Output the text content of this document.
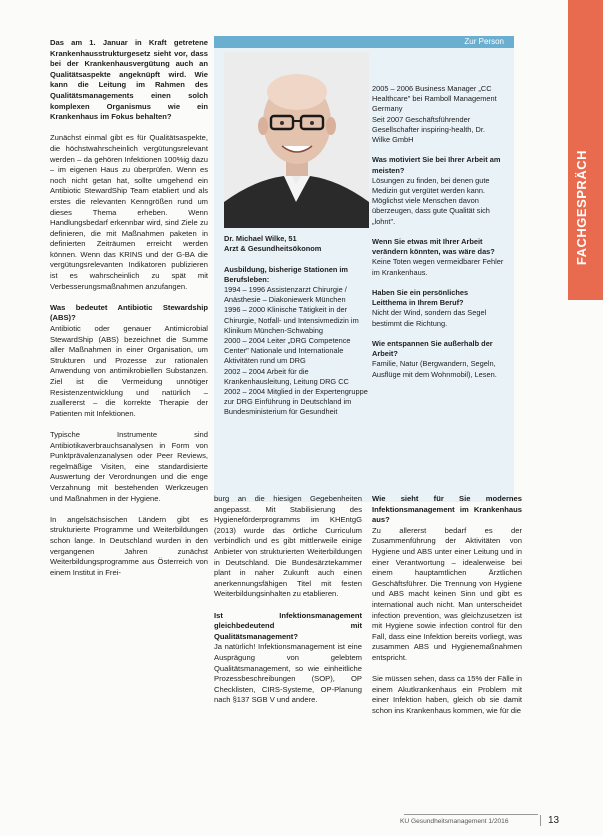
Das am 1. Januar in Kraft getretene Krankenhausstrukturgesetz sieht vor, dass bei der Krankenhausvergütung auch an Qualitätsaspekte angeknüpft wird. Wie kann die Leitung im Rahmen des Qualitätsmanagements einen solch komplexen Organismus wie ein Krankenhaus im Fokus behalten?

Zunächst einmal gibt es für Qualitätsaspekte, die höchstwahrscheinlich vergütungsrelevant werden – da gehören Infektionen 100%ig dazu – im eigenen Haus zu überprüfen. Wenn es noch nicht getan hat, sollte umgehend ein Antibiotic StewardShip Team etabliert und als erstes die relevanten Kenngrößen rund um dieses Thema erheben. Wenn Handlungsbedarf erkennbar wird, sind Ziele zu definieren, die mit Maßnahmen paketen in definierten Zeiträumen erreicht werden können. Wenn das KRINS und der G-BA die vergütungsrelevanten Indikatoren publizieren ist es wahrscheinlich zu spät mit Verbesserungsmaßnahmen anzufangen.

Was bedeutet Antibiotic Stewardship (ABS)?

Antibiotic oder genauer Antimicrobial StewardShip (ABS) bezeichnet die Summe aller Maßnahmen in einer Organisation, um Strukturen und Prozesse zur rationalen Anwendung von antimikrobiellen Substanzen. Ziel ist die Vermeidung unnötiger Resistenzentwicklung und natürlich – zuallererst – die korrekte Therapie der Patienten mit Infektionen.

Typische Instrumente sind Antibiotikaverbrauchsanalysen in Form von Punktprävalenzanalysen oder Peer Reviews, regelmäßige Visiten, eine standardisierte Auswertung der Verordnungen und die enge Verzahnung mit bestehenden Werkzeugen und Maßnahmen in der Hygiene.

In angelsächsischen Ländern gibt es strukturierte Programme und Weiterbildungen schon lange. In Deutschland wurden in den vergangenen Jahren zunächst Weiterbildungsprogramme aus Österreich von einem Institut in Frei-

Zur Person
Dr. Michael Wilke, 51
Arzt & Gesundheitsökonom
Ausbildung, bisherige Stationen im Berufsleben:

1994 – 1996 Assistenzarzt Chirurgie / Anästhesie – Diakoniewerk München

1996 – 2000 Klinische Tätigkeit in der Chirurgie, Notfall- und Intensivmedizin im Klinikum München-Schwabing

2000 – 2004 Leiter „DRG Competence Center" Nationale und Internationale Aktivitäten rund um DRG

2002 – 2004 Arbeit für die Krankenhausleitung, Leitung DRG CC

2002 – 2004 Mitglied in der Expertengruppe zur DRG Einführung in Deutschland im Bundesministerium für Gesundheit

2005 – 2006 Business Manager „CC Healthcare" bei Ramboll Management Germany

Seit 2007 Geschäftsführender Gesellschafter inspiring-health, Dr. Wilke GmbH

Was motiviert Sie bei Ihrer Arbeit am meisten?

Lösungen zu finden, bei denen gute Medizin gut vergütet werden kann. Möglichst viele Menschen davon überzeugen, dass gute Qualität sich „lohnt".

Wenn Sie etwas mit Ihrer Arbeit verändern könnten, was wäre das?

Keine Toten wegen vermeidbarer Fehler im Krankenhaus.

Haben Sie ein persönliches Leitthema in Ihrem Beruf?

Nicht der Wind, sondern das Segel bestimmt die Richtung.

Wie entspannen Sie außerhalb der Arbeit?

Familie, Natur (Bergwandern, Segeln, Ausflüge mit dem Wohnmobil), Lesen.

burg an die hiesigen Gegebenheiten angepasst. Mit Stabilisierung des Hygieneförderprogramms im KHEntgG (2013) wurde das örtliche Curriculum verbindlich und es gibt mittlerweile einige Anbieter von strukturierten Weiterbildungen in Deutschland. Die Bundesärztekammer plant in naher Zukunft auch einen anerkennungsfähigen Titel mit festen Weiterbildungsinhalten zu etablieren.

Ist Infektionsmanagement gleichbedeutend mit Qualitätsmanagement?

Ja natürlich! Infektionsmanagement ist eine Ausprägung von gelebtem Qualitätsmanagement, so wie einheitliche Prozessbeschreibungen (SOP), OP Checklisten, CIRS-Systeme, OP-Planung nach §137 SGB V und andere.

Wie sieht für Sie modernes Infektionsmanagement im Krankenhaus aus?

Zu allererst bedarf es der Zusammenführung der Aktivitäten von Hygiene und ABS unter einer Leitung und in einer Verantwortung – idealerweise bei einem hauptamtlichen Ärztlichen Geschäftsführer. Die Trennung von Hygiene und ABS macht keinen Sinn und gibt es international auch nicht. Man unterscheidet infection prevention, was gleichzusetzen ist mit Hygiene sowie infection control für den Fall, dass eine Infektion bereits vorliegt, was zusammen ABS und Hygienemaßnahmen entspricht.

Sie müssen sehen, dass ca 15% der Fälle in einem Akutkrankenhaus ein Problem mit einer Infektion haben, gleich ob sie damit schon ins Krankenhaus kommen, wie für die

FACHGESPRÄCH
KU Gesundheitsmanagement 1/2016	13
